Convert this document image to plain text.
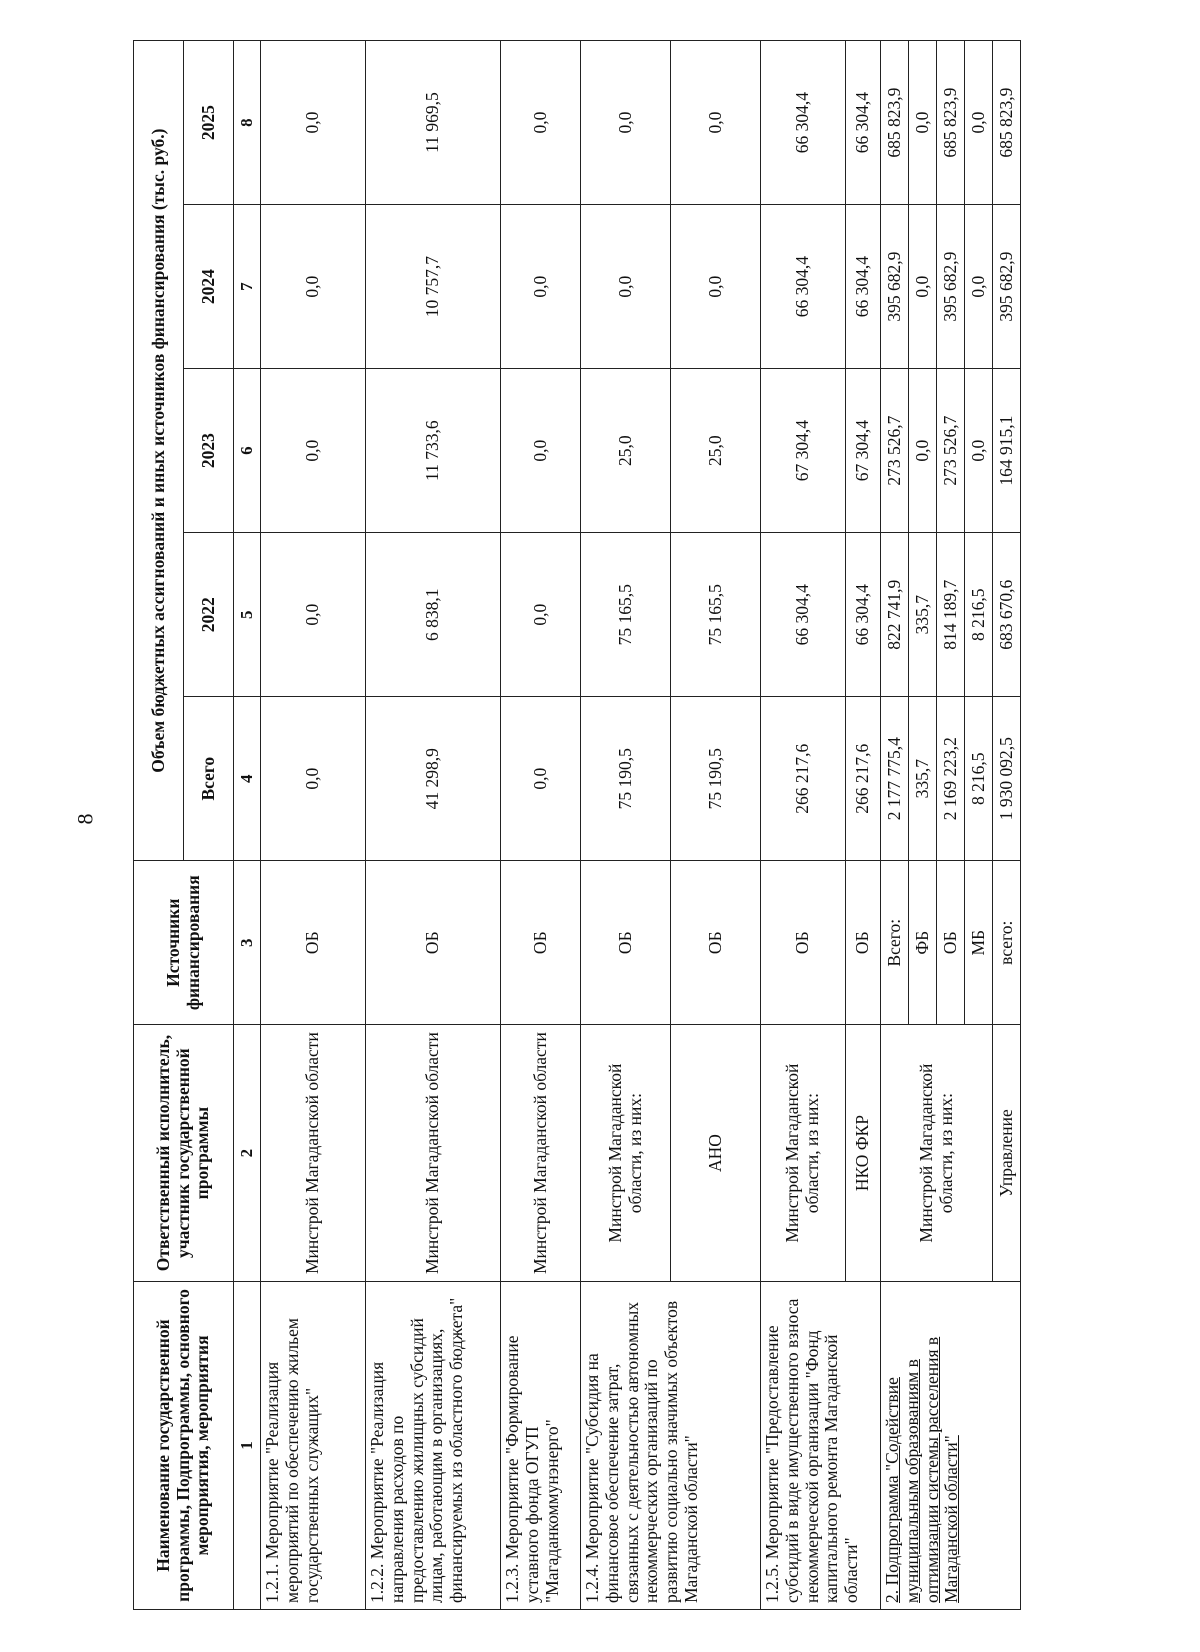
8
Наименование государственной программы, Подпрограммы, основного мероприятия, мероприятия	Ответственный исполнитель, участник государственной программы	Источники финансирования	Объем бюджетных ассигнований и иных источников финансирования (тыс. руб.)				
			Всего	2022	2023	2024	2025
1	2	3	4	5	6	7	8
1.2.1. Мероприятие "Реализация мероприятий по обеспечению жильем государственных служащих"	Минстрой Магаданской области	ОБ	0,0	0,0	0,0	0,0	0,0
1.2.2. Мероприятие "Реализация направления расходов по предоставлению жилищных субсидий лицам, работающим в организациях, финансируемых из областного бюджета"	Минстрой Магаданской области	ОБ	41 298,9	6 838,1	11 733,6	10 757,7	11 969,5
1.2.3. Мероприятие "Формирование уставного фонда ОГУП "Магаданкоммунэнерго"	Минстрой Магаданской области	ОБ	0,0	0,0	0,0	0,0	0,0
1.2.4. Мероприятие "Субсидия на финансовое обеспечение затрат, связанных с деятельностью автономных некоммерческих организаций по развитию социально значимых объектов Магаданской области"	Минстрой Магаданской области, из них:	ОБ	75 190,5	75 165,5	25,0	0,0	0,0
	АНО	ОБ	75 190,5	75 165,5	25,0	0,0	0,0
1.2.5. Мероприятие "Предоставление субсидий в виде имущественного взноса некоммерческой организации "Фонд капитального ремонта Магаданской области"	Минстрой Магаданской области, из них:	ОБ	266 217,6	66 304,4	67 304,4	66 304,4	66 304,4
	НКО ФКР	ОБ	266 217,6	66 304,4	67 304,4	66 304,4	66 304,4
2. Подпрограмма "Содействие муниципальным образованиям в оптимизации системы расселения в Магаданской области"	Минстрой Магаданской области, из них:	Всего:	2 177 775,4	822 741,9	273 526,7	395 682,9	685 823,9
		ФБ	335,7	335,7	0,0	0,0	0,0
		ОБ	2 169 223,2	814 189,7	273 526,7	395 682,9	685 823,9
		МБ	8 216,5	8 216,5	0,0	0,0	0,0
	Управление	всего:	1 930 092,5	683 670,6	164 915,1	395 682,9	685 823,9
